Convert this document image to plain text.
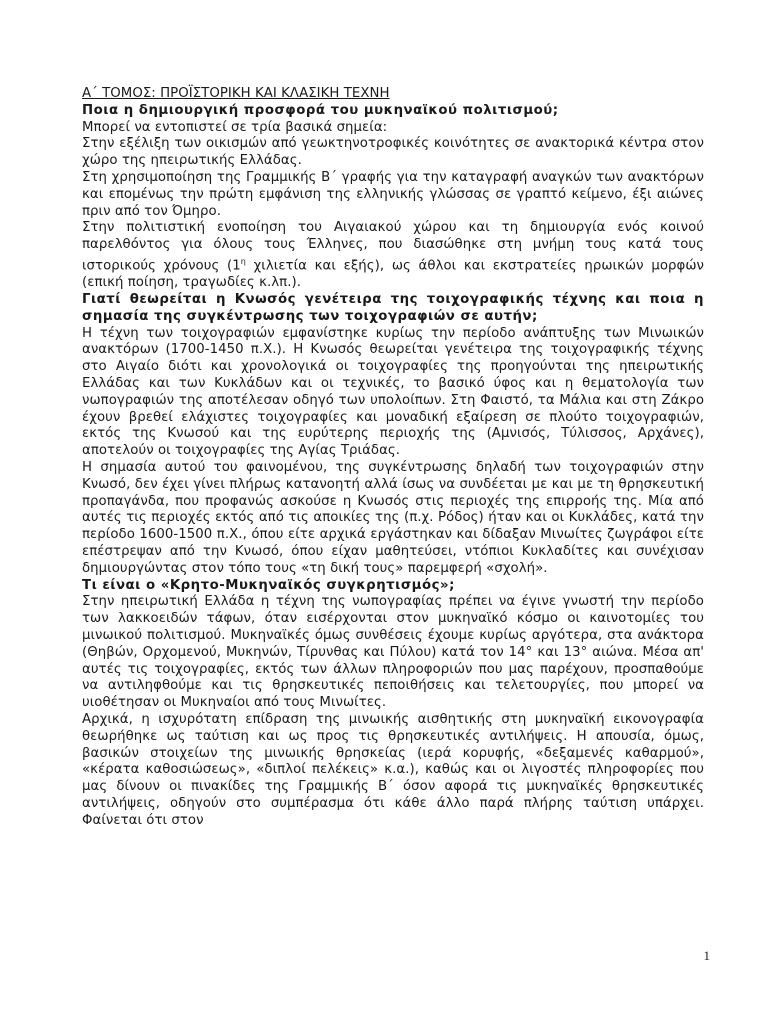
Α΄ ΤΟΜΟΣ: ΠΡΟΪΣΤΟΡΙΚΗ ΚΑΙ ΚΛΑΣΙΚΗ ΤΕΧΝΗ

Ποια η δημιουργική προσφορά του μυκηναϊκού πολιτισμού;

Μπορεί να εντοπιστεί σε τρία βασικά σημεία:

Στην εξέλιξη των οικισμών από γεωκτηνοτροφικές κοινότητες σε ανακτορικά κέντρα στον χώρο της ηπειρωτικής Ελλάδας.

Στη χρησιμοποίηση της Γραμμικής Β΄ γραφής για την καταγραφή αναγκών των ανακτόρων και επομένως την πρώτη εμφάνιση της ελληνικής γλώσσας σε γραπτό κείμενο, έξι αιώνες πριν από τον Όμηρο.

Στην πολιτιστική ενοποίηση του Αιγαιακού χώρου και τη δημιουργία ενός κοινού παρελθόντος για όλους τους Έλληνες, που διασώθηκε στη μνήμη τους κατά τους ιστορικούς χρόνους ($1^\eta$ χιλιετία και εξής), ως άθλοι και εκστρατείες ηρωικών μορφών (επική ποίηση, τραγωδίες κ.λπ.).

Γιατί θεωρείται η Κνωσός γενέτειρα της τοιχογραφικής τέχνης και ποια η σημασία της συγκέντρωσης των τοιχογραφιών σε αυτήν;

Η τέχνη των τοιχογραφιών εμφανίστηκε κυρίως την περίοδο ανάπτυξης των Μινωικών ανακτόρων (1700-1450 π.Χ.). Η Κνωσός θεωρείται γενέτειρα της τοιχογραφικής τέχνης στο Αιγαίο διότι και χρονολογικά οι τοιχογραφίες της προηγούνται της ηπειρωτικής Ελλάδας και των Κυκλάδων και οι τεχνικές, το βασικό ύφος και η θεματολογία των νωπογραφιών της αποτέλεσαν οδηγό των υπολοίπων. Στη Φαιστό, τα Μάλια και στη Ζάκρο έχουν βρεθεί ελάχιστες τοιχογραφίες και μοναδική εξαίρεση σε πλούτο τοιχογραφιών, εκτός της Κνωσού και της ευρύτερης περιοχής της (Αμνισός, Τύλισσος, Αρχάνες), αποτελούν οι τοιχογραφίες της Αγίας Τριάδας.

Η σημασία αυτού του φαινομένου, της συγκέντρωσης δηλαδή των τοιχογραφιών στην Κνωσό, δεν έχει γίνει πλήρως κατανοητή αλλά ίσως να συνδέεται με και με τη θρησκευτική προπαγάνδα, που προφανώς ασκούσε η Κνωσός στις περιοχές της επιρροής της. Μία από αυτές τις περιοχές εκτός από τις αποικίες της (π.χ. Ρόδος) ήταν και οι Κυκλάδες, κατά την περίοδο 1600-1500 π.Χ., όπου είτε αρχικά εργάστηκαν και δίδαξαν Μινωίτες ζωγράφοι είτε επέστρεψαν από την Κνωσό, όπου είχαν μαθητεύσει, ντόπιοι Κυκλαδίτες και συνέχισαν δημιουργώντας στον τόπο τους «τη δική τους» παρεμφερή «σχολή».

Τι είναι ο «Κρητο-Μυκηναϊκός συγκρητισμός»;

Στην ηπειρωτική Ελλάδα η τέχνη της νωπογραφίας πρέπει να έγινε γνωστή την περίοδο των λακκοειδών τάφων, όταν εισέρχονται στον μυκηναϊκό κόσμο οι καινοτομίες του μινωικού πολιτισμού. Μυκηναϊκές όμως συνθέσεις έχουμε κυρίως αργότερα, στα ανάκτορα (Θηβών, Ορχομενού, Μυκηνών, Τίρυνθας και Πύλου) κατά τον 14° και 13° αιώνα. Μέσα απ' αυτές τις τοιχογραφίες, εκτός των άλλων πληροφοριών που μας παρέχουν, προσπαθούμε να αντιληφθούμε και τις θρησκευτικές πεποιθήσεις και τελετουργίες, που μπορεί να υιοθέτησαν οι Μυκηναίοι από τους Μινωίτες.

Αρχικά, η ισχυρότατη επίδραση της μινωικής αισθητικής στη μυκηναϊκή εικονογραφία θεωρήθηκε ως ταύτιση και ως προς τις θρησκευτικές αντιλήψεις. Η απουσία, όμως, βασικών στοιχείων της μινωικής θρησκείας (ιερά κορυφής, «δεξαμενές καθαρμού», «κέρατα καθοσιώσεως», «διπλοί πελέκεις» κ.α.), καθώς και οι λιγοστές πληροφορίες που μας δίνουν οι πινακίδες της Γραμμικής Β΄ όσον αφορά τις μυκηναϊκές θρησκευτικές αντιλήψεις, οδηγούν στο συμπέρασμα ότι κάθε άλλο παρά πλήρης ταύτιση υπάρχει. Φαίνεται ότι στον

1
